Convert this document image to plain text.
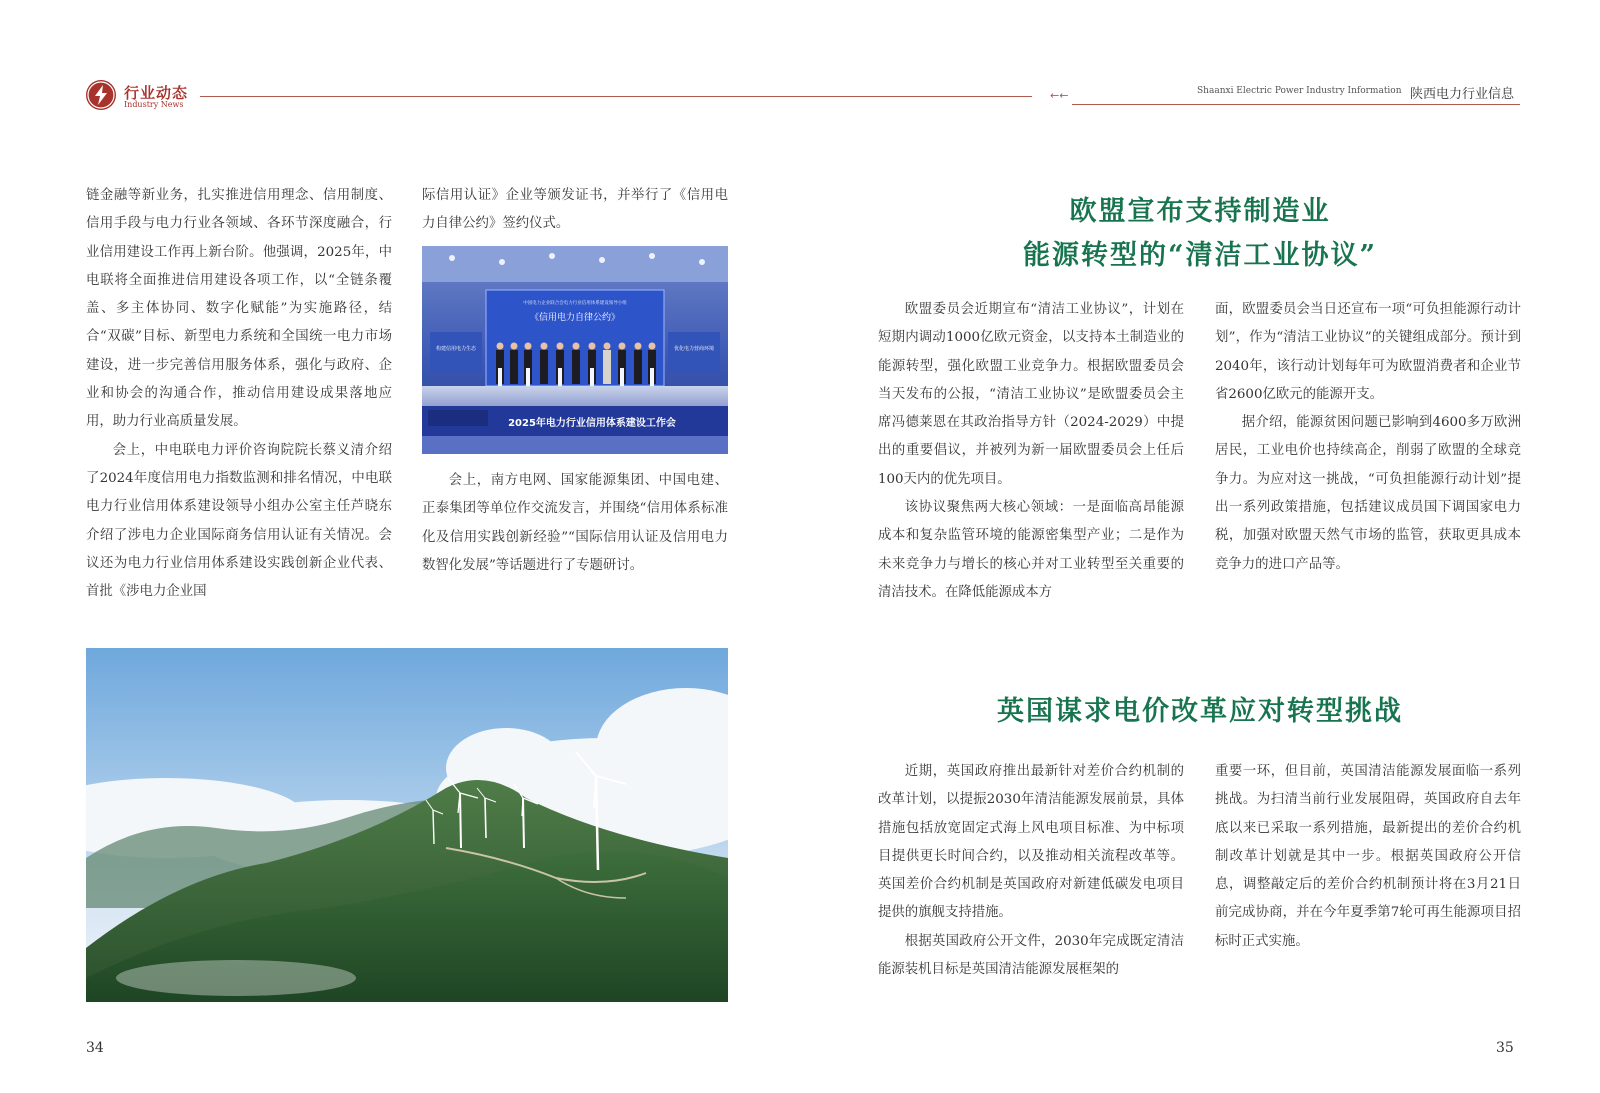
行业动态
Industry News
←←	Shaanxi Electric Power Industry Information 陕西电力行业信息

链金融等新业务，扎实推进信用理念、信用制度、信用手段与电力行业各领域、各环节深度融合，行业信用建设工作再上新台阶。他强调，2025年，中电联将全面推进信用建设各项工作，以“全链条覆盖、多主体协同、数字化赋能”为实施路径，结合“双碳”目标、新型电力系统和全国统一电力市场建设，进一步完善信用服务体系，强化与政府、企业和协会的沟通合作，推动信用建设成果落地应用，助力行业高质量发展。

会上，中电联电力评价咨询院院长蔡义清介绍了2024年度信用电力指数监测和排名情况，中电联电力行业信用体系建设领导小组办公室主任芦晓东介绍了涉电力企业国际商务信用认证有关情况。会议还为电力行业信用体系建设实践创新企业代表、首批《涉电力企业国

际信用认证》企业等颁发证书，并举行了《信用电力自律公约》签约仪式。

中国电力企业联合会电力行业信用体系建设领导小组
《信用电力自律公约》
构建信用电力生态	优化电力营商环境
2025年电力行业信用体系建设工作会

会上，南方电网、国家能源集团、中国电建、正泰集团等单位作交流发言，并围绕“信用体系标准化及信用实践创新经验”“国际信用认证及信用电力数智化发展”等话题进行了专题研讨。

34
欧盟宣布支持制造业
能源转型的“清洁工业协议”

欧盟委员会近期宣布“清洁工业协议”，计划在短期内调动1000亿欧元资金，以支持本土制造业的能源转型，强化欧盟工业竞争力。根据欧盟委员会当天发布的公报，“清洁工业协议”是欧盟委员会主席冯德莱恩在其政治指导方针（2024-2029）中提出的重要倡议，并被列为新一届欧盟委员会上任后100天内的优先项目。

该协议聚焦两大核心领域：一是面临高昂能源成本和复杂监管环境的能源密集型产业；二是作为未来竞争力与增长的核心并对工业转型至关重要的清洁技术。在降低能源成本方

面，欧盟委员会当日还宣布一项“可负担能源行动计划”，作为“清洁工业协议”的关键组成部分。预计到2040年，该行动计划每年可为欧盟消费者和企业节省2600亿欧元的能源开支。

据介绍，能源贫困问题已影响到4600多万欧洲居民，工业电价也持续高企，削弱了欧盟的全球竞争力。为应对这一挑战，“可负担能源行动计划”提出一系列政策措施，包括建议成员国下调国家电力税，加强对欧盟天然气市场的监管，获取更具成本竞争力的进口产品等。

英国谋求电价改革应对转型挑战

近期，英国政府推出最新针对差价合约机制的改革计划，以提振2030年清洁能源发展前景，具体措施包括放宽固定式海上风电项目标准、为中标项目提供更长时间合约，以及推动相关流程改革等。英国差价合约机制是英国政府对新建低碳发电项目提供的旗舰支持措施。

根据英国政府公开文件，2030年完成既定清洁能源装机目标是英国清洁能源发展框架的

重要一环，但目前，英国清洁能源发展面临一系列挑战。为扫清当前行业发展阻碍，英国政府自去年底以来已采取一系列措施，最新提出的差价合约机制改革计划就是其中一步。根据英国政府公开信息，调整敲定后的差价合约机制预计将在3月21日前完成协商，并在今年夏季第7轮可再生能源项目招标时正式实施。

35
